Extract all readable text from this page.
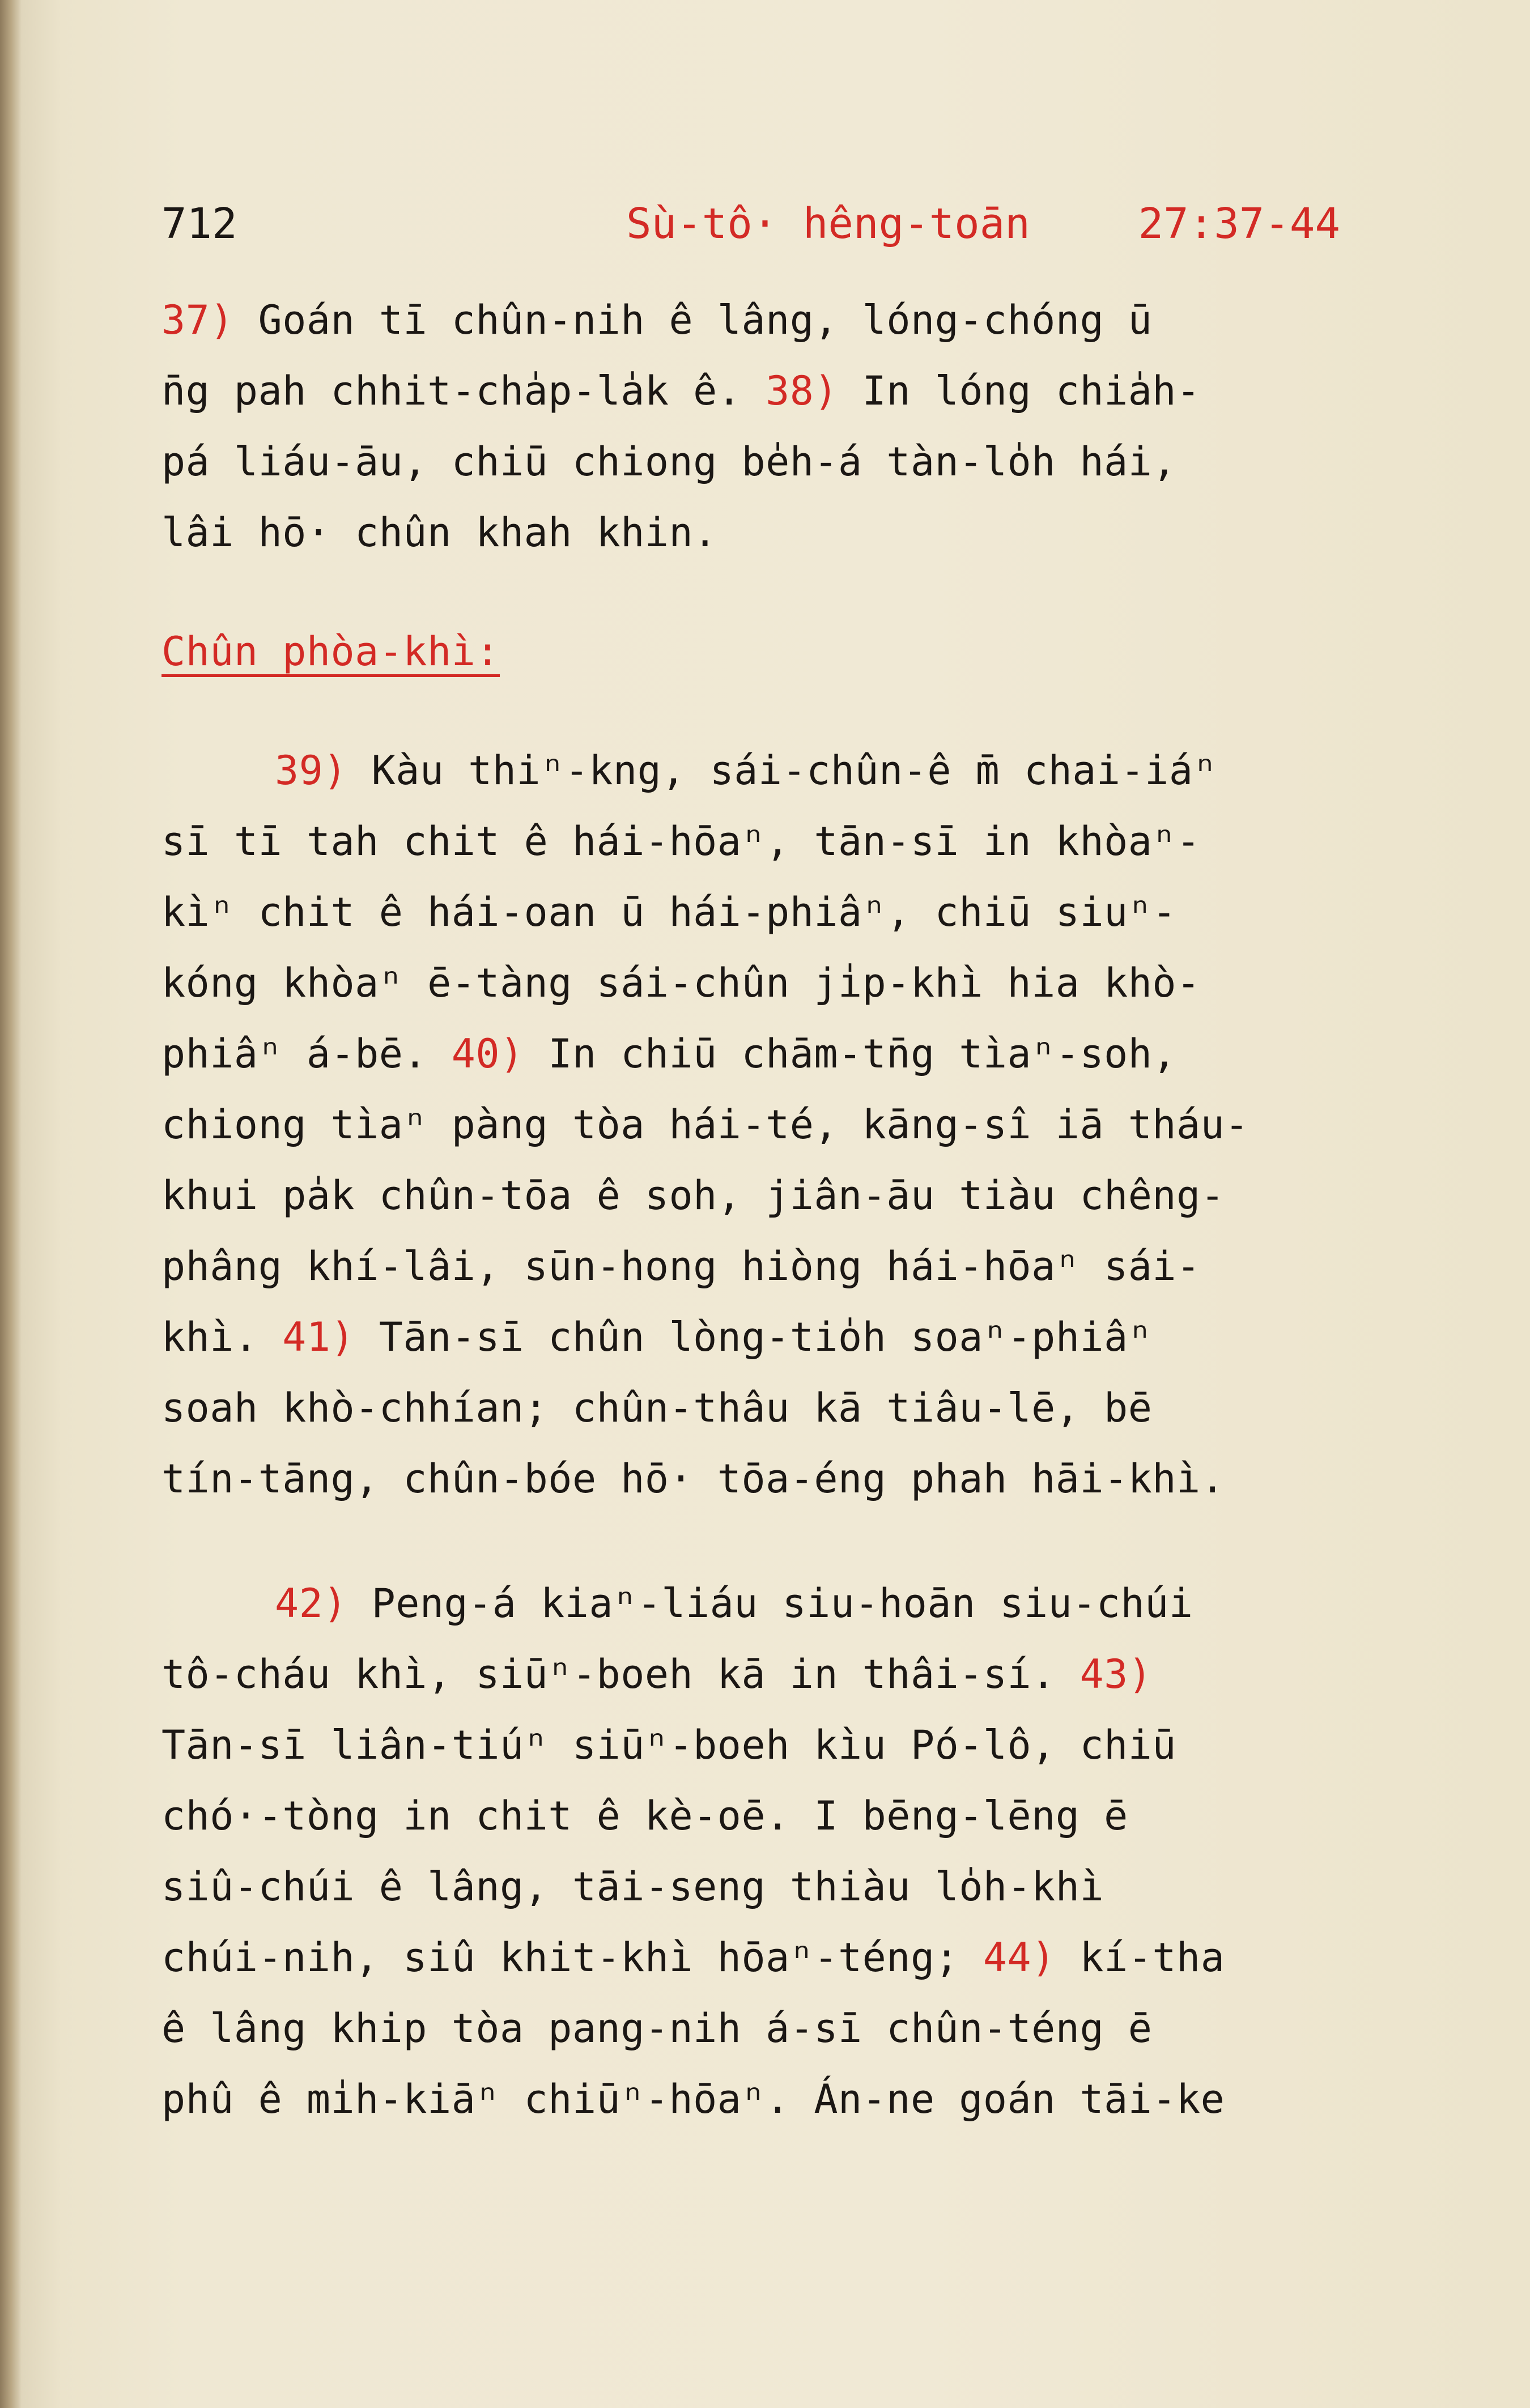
712	Sù-tô· hêng-toān	27:37-44
37) Goán tī chûn-nih ê lâng, lóng-chóng ū
n̄g pah chhit-cha̍p-la̍k ê. 38) In lóng chia̍h-
pá liáu-āu, chiū chiong be̍h-á tàn-lo̍h hái,
lâi hō· chûn khah khin.
Chûn phòa-khì:
39) Kàu thiⁿ-kng, sái-chûn-ê m̄ chai-iáⁿ
sī tī tah chit ê hái-hōaⁿ, tān-sī in khòaⁿ-
kìⁿ chit ê hái-oan ū hái-phiâⁿ, chiū siuⁿ-
kóng khòaⁿ ē-tàng sái-chûn ji̍p-khì hia khò-
phiâⁿ á-bē. 40) In chiū chām-tn̄g tìaⁿ-soh,
chiong tìaⁿ pàng tòa hái-té, kāng-sî iā tháu-
khui pa̍k chûn-tōa ê soh, jiân-āu tiàu chêng-
phâng khí-lâi, sūn-hong hiòng hái-hōaⁿ sái-
khì. 41) Tān-sī chûn lòng-tio̍h soaⁿ-phiâⁿ
soah khò-chhían; chûn-thâu kā tiâu-lē, bē
tín-tāng, chûn-bóe hō· tōa-éng phah hāi-khì.
42) Peng-á kiaⁿ-liáu siu-hoān siu-chúi
tô-cháu khì, siūⁿ-boeh kā in thâi-sí. 43)
Tān-sī liân-tiúⁿ siūⁿ-boeh kìu Pó-lô, chiū
chó·-tòng in chit ê kè-oē. I bēng-lēng ē
siû-chúi ê lâng, tāi-seng thiàu lo̍h-khì
chúi-nih, siû khit-khì hōaⁿ-téng; 44) kí-tha
ê lâng khip tòa pang-nih á-sī chûn-téng ē
phû ê mi̍h-kiāⁿ chiūⁿ-hōaⁿ. Án-ne goán tāi-ke
